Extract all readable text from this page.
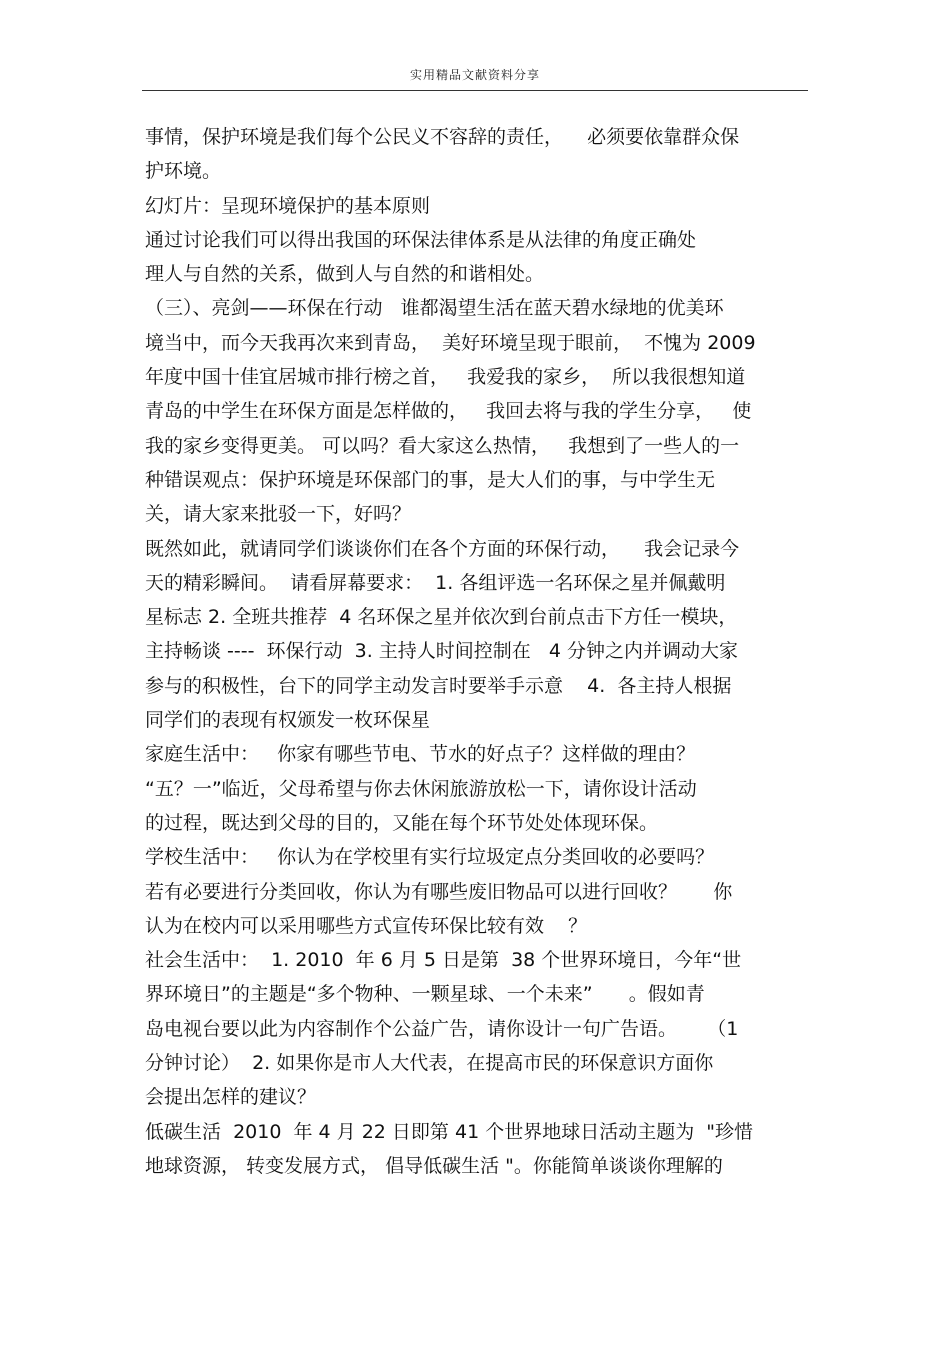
实用精品文献资料分享
事情，保护环境是我们每个公民义不容辞的责任，    必须要依靠群众保
护环境。
幻灯片：呈现环境保护的基本原则
通过讨论我们可以得出我国的环保法律体系是从法律的角度正确处
理人与自然的关系，做到人与自然的和谐相处。
（三）、亮剑——环保在行动   谁都渴望生活在蓝天碧水绿地的优美环
境当中，而今天我再次来到青岛，  美好环境呈现于眼前，  不愧为 2009
年度中国十佳宜居城市排行榜之首，   我爱我的家乡，  所以我很想知道
青岛的中学生在环保方面是怎样做的，   我回去将与我的学生分享，   使
我的家乡变得更美。 可以吗？看大家这么热情，   我想到了一些人的一
种错误观点：保护环境是环保部门的事，是大人们的事，与中学生无
关，请大家来批驳一下，好吗？
既然如此，就请同学们谈谈你们在各个方面的环保行动，    我会记录今
天的精彩瞬间。  请看屏幕要求：  1. 各组评选一名环保之星并佩戴明
星标志 2. 全班共推荐  4 名环保之星并依次到台前点击下方任一模块，
主持畅谈 ----  环保行动  3. 主持人时间控制在   4 分钟之内并调动大家
参与的积极性，台下的同学主动发言时要举手示意    4.  各主持人根据
同学们的表现有权颁发一枚环保星
家庭生活中：   你家有哪些节电、节水的好点子？这样做的理由？
“五？一”临近，父母希望与你去休闲旅游放松一下，请你设计活动
的过程，既达到父母的目的，又能在每个环节处处体现环保。
学校生活中：   你认为在学校里有实行垃圾定点分类回收的必要吗？
若有必要进行分类回收，你认为有哪些废旧物品可以进行回收？      你
认为在校内可以采用哪些方式宣传环保比较有效    ？
社会生活中：  1. 2010  年 6 月 5 日是第  38 个世界环境日，今年“世
界环境日”的主题是“多个物种、一颗星球、一个未来”      。假如青
岛电视台要以此为内容制作个公益广告，请你设计一句广告语。     （1
分钟讨论）  2. 如果你是市人大代表，在提高市民的环保意识方面你
会提出怎样的建议？
低碳生活  2010  年 4 月 22 日即第 41 个世界地球日活动主题为  "珍惜
地球资源， 转变发展方式， 倡导低碳生活 "。你能简单谈谈你理解的
